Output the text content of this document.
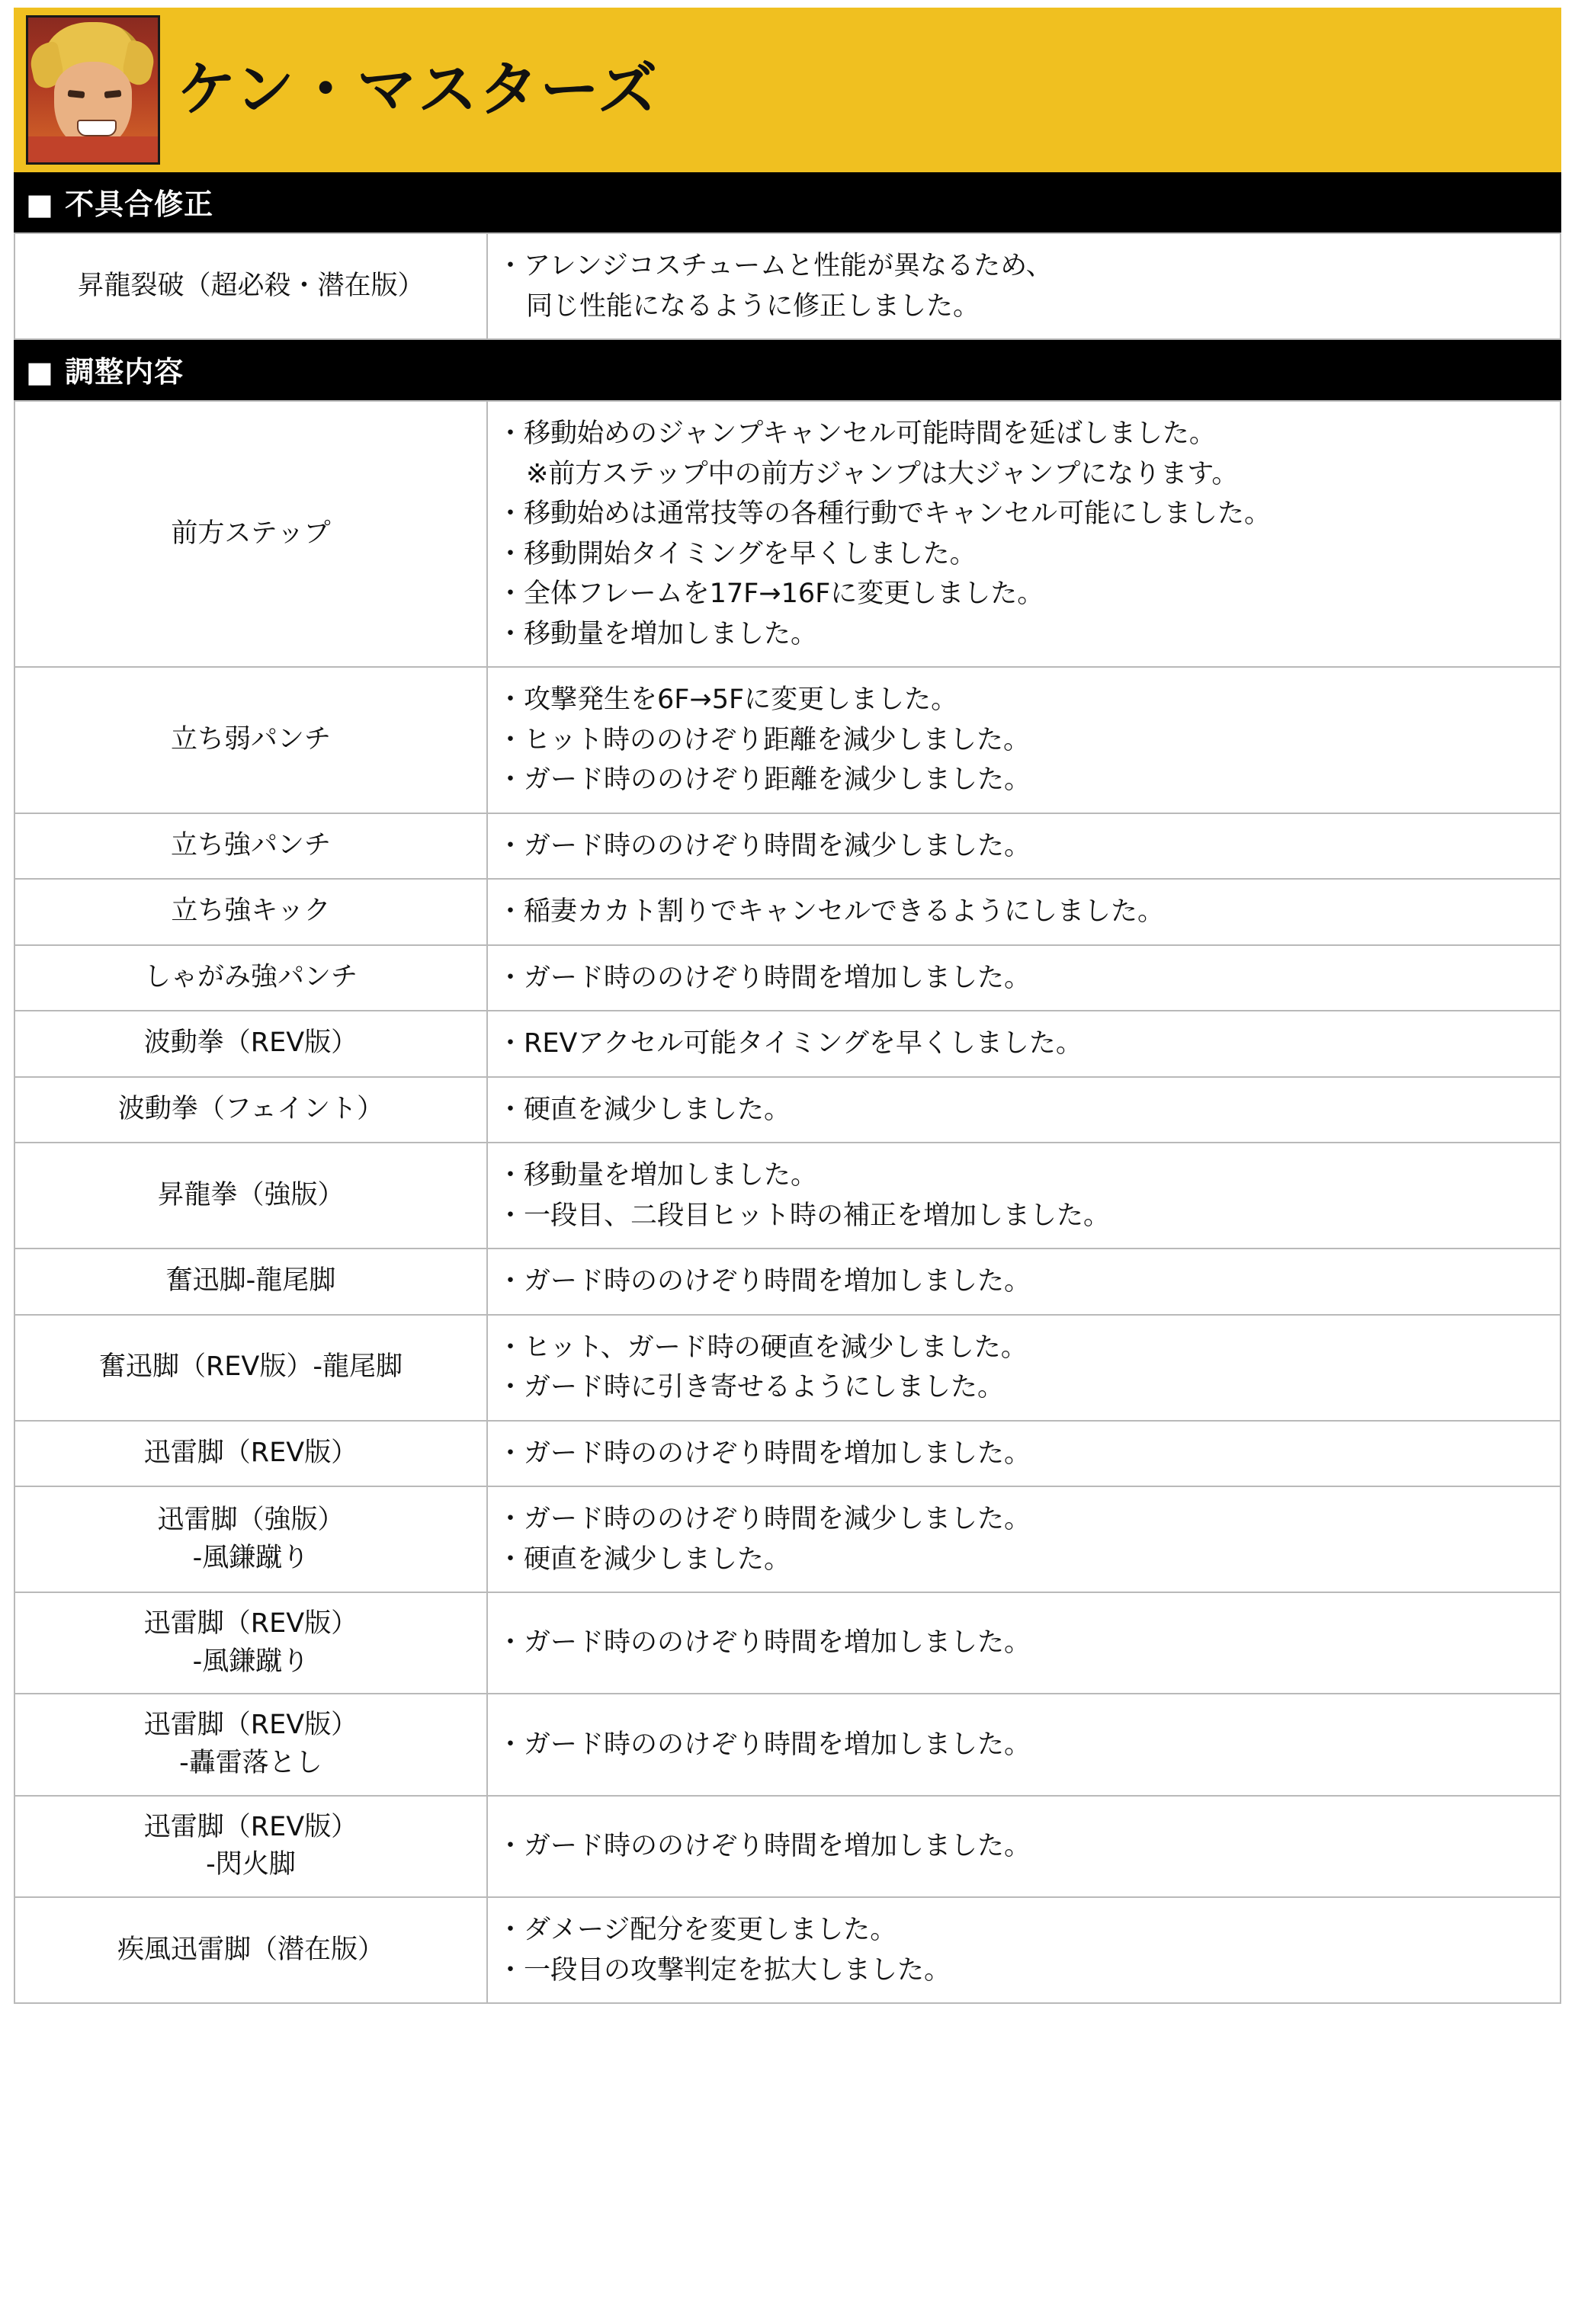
ケン・マスターズ
■ 不具合修正
昇龍裂破（超必殺・潜在版）	
・アレンジコスチュームと性能が異なるため、
同じ性能になるように修正しました。
■ 調整内容
前方ステップ	
・移動始めのジャンプキャンセル可能時間を延ばしました。
※前方ステップ中の前方ジャンプは大ジャンプになります。
・移動始めは通常技等の各種行動でキャンセル可能にしました。
・移動開始タイミングを早くしました。
・全体フレームを17F→16Fに変更しました。
・移動量を増加しました。

立ち弱パンチ	・攻撃発生を6F→5Fに変更しました。
・ヒット時ののけぞり距離を減少しました。
・ガード時ののけぞり距離を減少しました。

立ち強パンチ	・ガード時ののけぞり時間を減少しました。

立ち強キック	・稲妻カカト割りでキャンセルできるようにしました。

しゃがみ強パンチ	・ガード時ののけぞり時間を増加しました。

波動拳（REV版）	・REVアクセル可能タイミングを早くしました。

波動拳（フェイント）	・硬直を減少しました。

昇龍拳（強版）	・移動量を増加しました。
・一段目、二段目ヒット時の補正を増加しました。

奮迅脚-龍尾脚	・ガード時ののけぞり時間を増加しました。

奮迅脚（REV版）-龍尾脚	・ヒット、ガード時の硬直を減少しました。
・ガード時に引き寄せるようにしました。

迅雷脚（REV版）	・ガード時ののけぞり時間を増加しました。

迅雷脚（強版）
-風鎌蹴り	
・ガード時ののけぞり時間を減少しました。
・硬直を減少しました。

迅雷脚（REV版）
-風鎌蹴り	・ガード時ののけぞり時間を増加しました。

迅雷脚（REV版）
-轟雷落とし	・ガード時ののけぞり時間を増加しました。

迅雷脚（REV版）
-閃火脚	・ガード時ののけぞり時間を増加しました。

疾風迅雷脚（潜在版）	・ダメージ配分を変更しました。
・一段目の攻撃判定を拡大しました。
